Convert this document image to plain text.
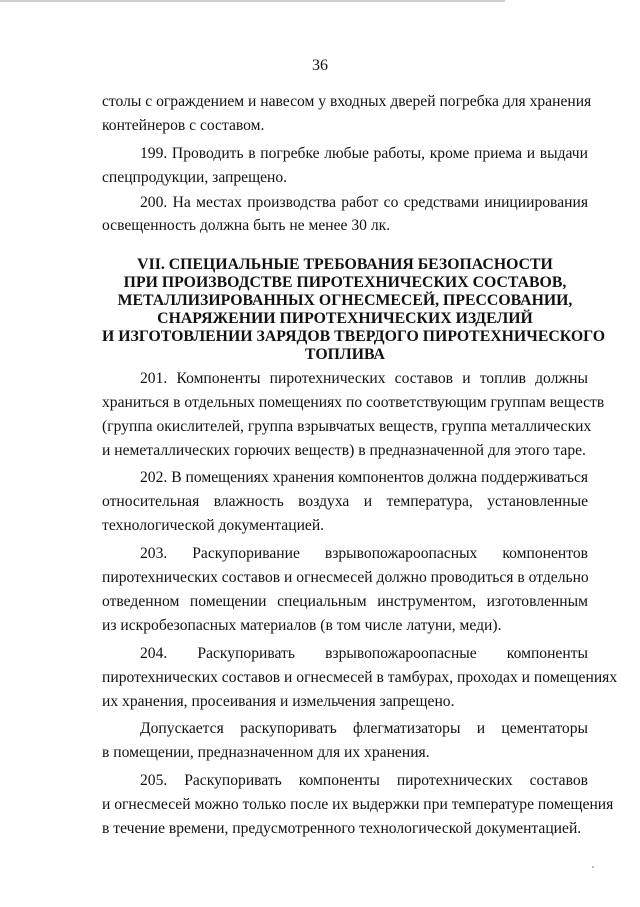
36
столы с ограждением и навесом у входных дверей погребка для хранения
контейнеров с составом.
199. Проводить в погребке любые работы, кроме приема и выдачи
спецпродукции, запрещено.
200. На местах производства работ со средствами инициирования
освещенность должна быть не менее 30 лк.
VII. СПЕЦИАЛЬНЫЕ ТРЕБОВАНИЯ БЕЗОПАСНОСТИ
ПРИ ПРОИЗВОДСТВЕ ПИРОТЕХНИЧЕСКИХ СОСТАВОВ,
МЕТАЛЛИЗИРОВАННЫХ ОГНЕСМЕСЕЙ, ПРЕССОВАНИИ,
СНАРЯЖЕНИИ ПИРОТЕХНИЧЕСКИХ ИЗДЕЛИЙ
И ИЗГОТОВЛЕНИИ ЗАРЯДОВ ТВЕРДОГО ПИРОТЕХНИЧЕСКОГО
ТОПЛИВА
201. Компоненты пиротехнических составов и топлив должны
храниться в отдельных помещениях по соответствующим группам веществ
(группа окислителей, группа взрывчатых веществ, группа металлических
и неметаллических горючих веществ) в предназначенной для этого таре.
202. В помещениях хранения компонентов должна поддерживаться
относительная влажность воздуха и температура, установленные
технологической документацией.
203. Раскупоривание взрывопожароопасных компонентов
пиротехнических составов и огнесмесей должно проводиться в отдельно
отведенном помещении специальным инструментом, изготовленным
из искробезопасных материалов (в том числе латуни, меди).
204. Раскупоривать взрывопожароопасные компоненты
пиротехнических составов и огнесмесей в тамбурах, проходах и помещениях
их хранения, просеивания и измельчения запрещено.
Допускается раскупоривать флегматизаторы и цементаторы
в помещении, предназначенном для их хранения.
205. Раскупоривать компоненты пиротехнических составов
и огнесмесей можно только после их выдержки при температуре помещения
в течение времени, предусмотренного технологической документацией.
